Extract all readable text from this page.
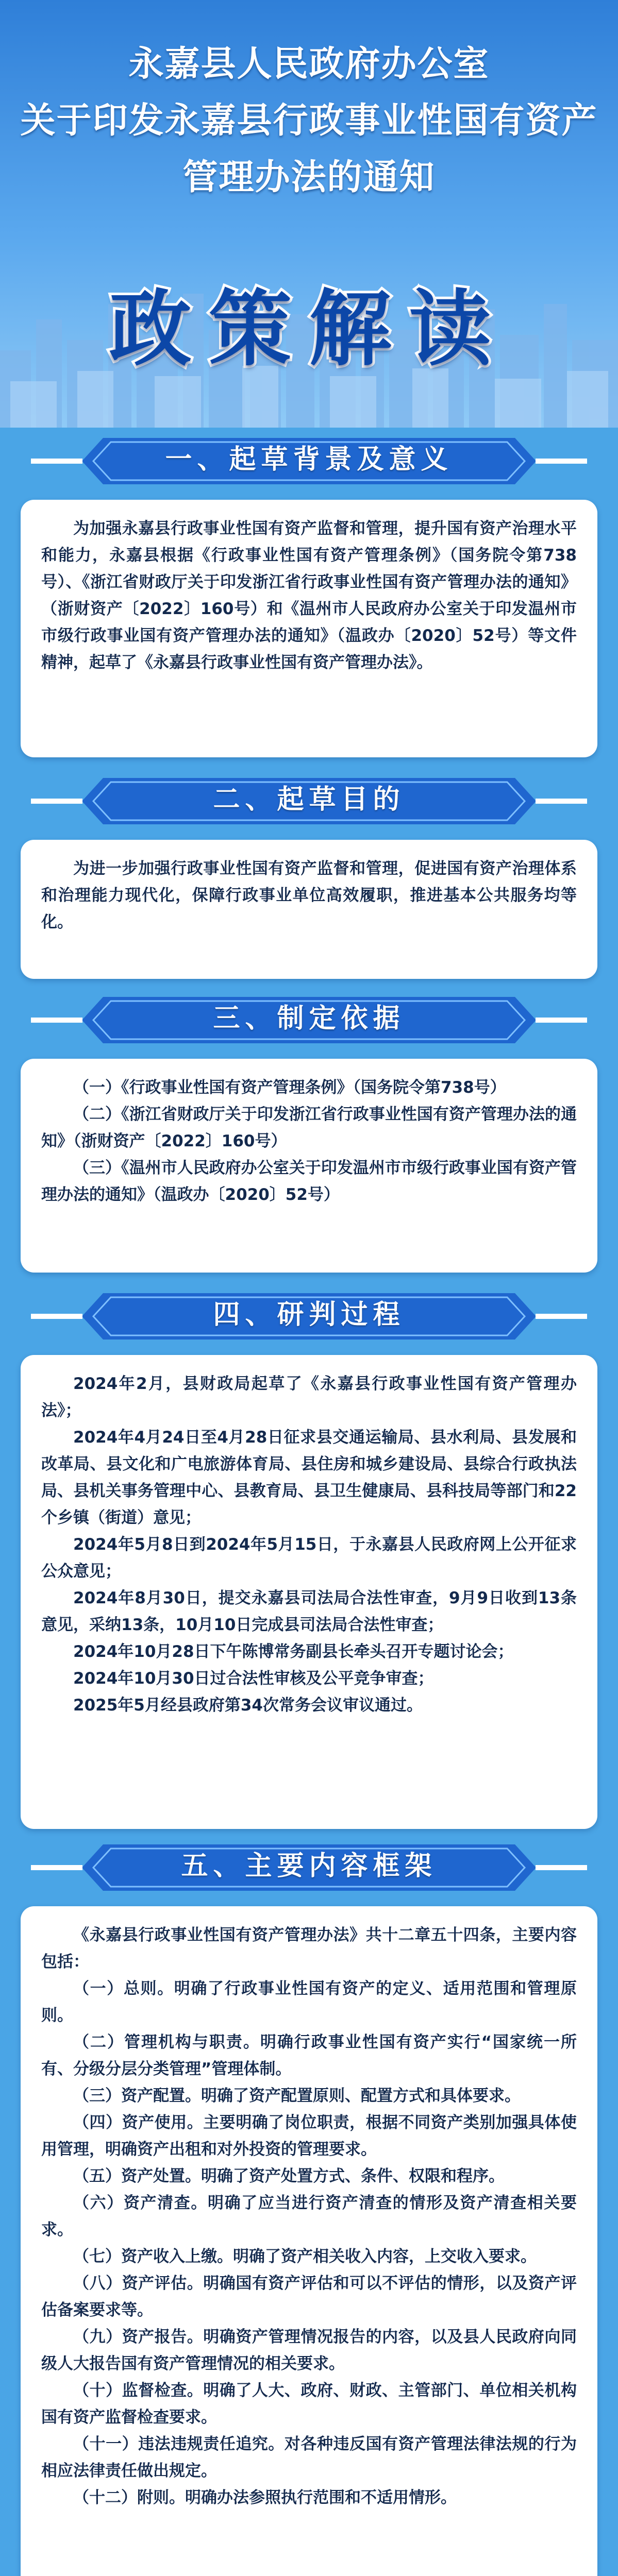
永嘉县人民政府办公室
关于印发永嘉县行政事业性国有资产
管理办法的通知
政策解读
一、起草背景及意义

为加强永嘉县行政事业性国有资产监督和管理，提升国有资产治理水平和能力，永嘉县根据《行政事业性国有资产管理条例》（国务院令第738号）、《浙江省财政厅关于印发浙江省行政事业性国有资产管理办法的通知》（浙财资产〔2022〕160号）和《温州市人民政府办公室关于印发温州市市级行政事业国有资产管理办法的通知》（温政办〔2020〕52号）等文件精神，起草了《永嘉县行政事业性国有资产管理办法》。

二、起草目的

为进一步加强行政事业性国有资产监督和管理，促进国有资产治理体系和治理能力现代化，保障行政事业单位高效履职，推进基本公共服务均等化。

三、制定依据

（一）《行政事业性国有资产管理条例》（国务院令第738号）

（二）《浙江省财政厅关于印发浙江省行政事业性国有资产管理办法的通知》（浙财资产〔2022〕160号）

（三）《温州市人民政府办公室关于印发温州市市级行政事业国有资产管理办法的通知》（温政办〔2020〕52号）

四、研判过程

2024年2月，县财政局起草了《永嘉县行政事业性国有资产管理办法》；

2024年4月24日至4月28日征求县交通运输局、县水利局、县发展和改革局、县文化和广电旅游体育局、县住房和城乡建设局、县综合行政执法局、县机关事务管理中心、县教育局、县卫生健康局、县科技局等部门和22个乡镇（街道）意见；

2024年5月8日到2024年5月15日，于永嘉县人民政府网上公开征求公众意见；

2024年8月30日，提交永嘉县司法局合法性审查，9月9日收到13条意见，采纳13条，10月10日完成县司法局合法性审查；

2024年10月28日下午陈博常务副县长牵头召开专题讨论会；

2024年10月30日过合法性审核及公平竞争审查；

2025年5月经县政府第34次常务会议审议通过。

五、主要内容框架

《永嘉县行政事业性国有资产管理办法》共十二章五十四条，主要内容包括：

（一）总则。明确了行政事业性国有资产的定义、适用范围和管理原则。

（二）管理机构与职责。明确行政事业性国有资产实行“国家统一所有、分级分层分类管理”管理体制。

（三）资产配置。明确了资产配置原则、配置方式和具体要求。

（四）资产使用。主要明确了岗位职责，根据不同资产类别加强具体使用管理，明确资产出租和对外投资的管理要求。

（五）资产处置。明确了资产处置方式、条件、权限和程序。

（六）资产清查。明确了应当进行资产清查的情形及资产清查相关要求。

（七）资产收入上缴。明确了资产相关收入内容，上交收入要求。

（八）资产评估。明确国有资产评估和可以不评估的情形，以及资产评估备案要求等。

（九）资产报告。明确资产管理情况报告的内容，以及县人民政府向同级人大报告国有资产管理情况的相关要求。

（十）监督检查。明确了人大、政府、财政、主管部门、单位相关机构国有资产监督检查要求。

（十一）违法违规责任追究。对各种违反国有资产管理法律法规的行为相应法律责任做出规定。

（十二）附则。明确办法参照执行范围和不适用情形。
